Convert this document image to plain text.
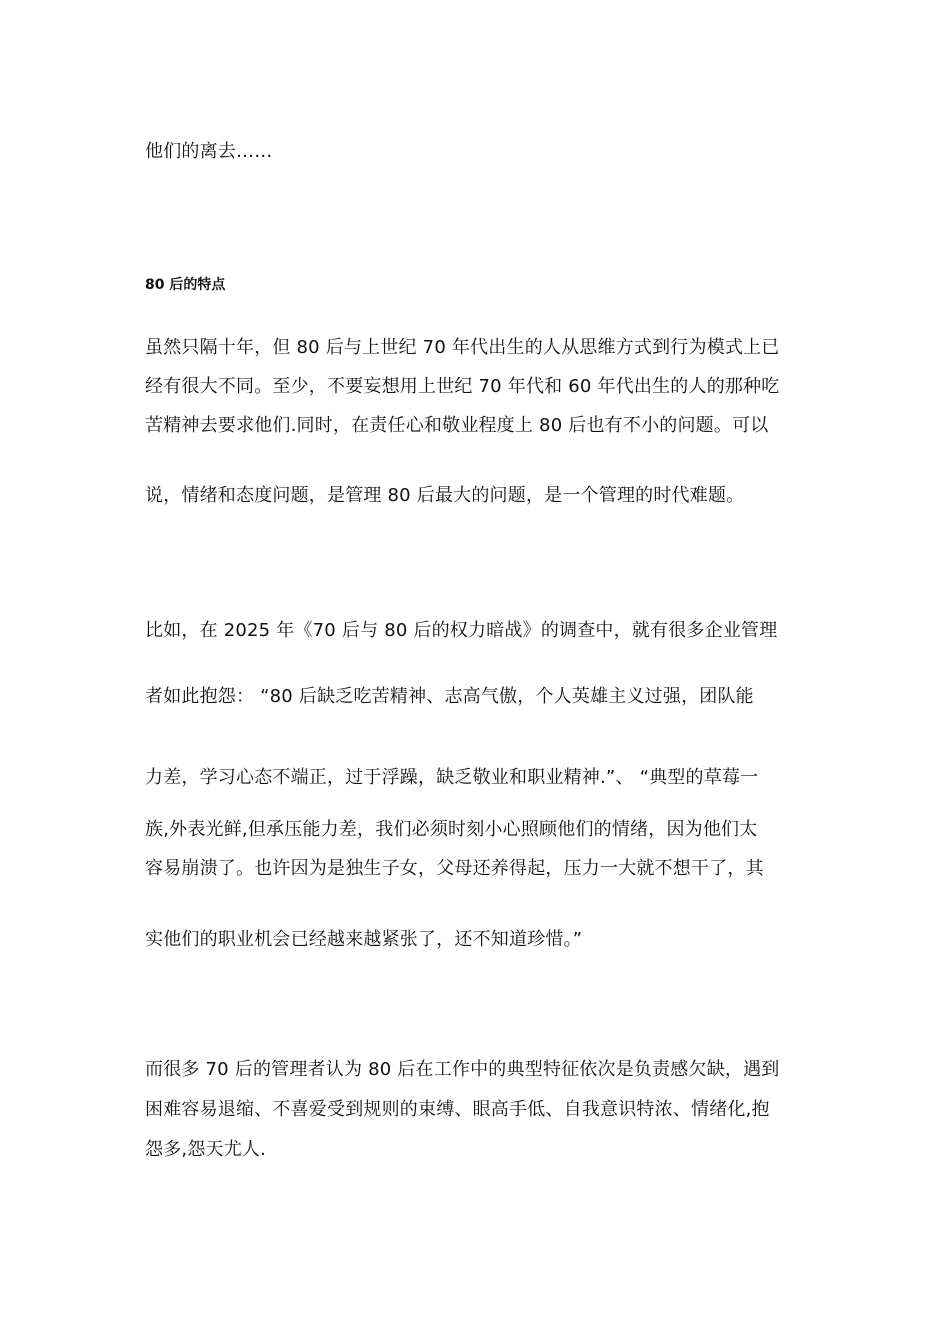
他们的离去……
80 后的特点
虽然只隔十年，但 80 后与上世纪 70 年代出生的人从思维方式到行为模式上已
经有很大不同。至少，不要妄想用上世纪 70 年代和 60 年代出生的人的那种吃
苦精神去要求他们.同时，在责任心和敬业程度上 80 后也有不小的问题。可以
说，情绪和态度问题，是管理 80 后最大的问题，是一个管理的时代难题。
比如，在 2025 年《70 后与 80 后的权力暗战》的调查中，就有很多企业管理
者如此抱怨： “80 后缺乏吃苦精神、志高气傲，个人英雄主义过强，团队能
力差，学习心态不端正，过于浮躁，缺乏敬业和职业精神.”、 “典型的草莓一
族,外表光鲜,但承压能力差，我们必须时刻小心照顾他们的情绪，因为他们太
容易崩溃了。也许因为是独生子女，父母还养得起，压力一大就不想干了，其
实他们的职业机会已经越来越紧张了，还不知道珍惜。”
而很多 70 后的管理者认为 80 后在工作中的典型特征依次是负责感欠缺，遇到
困难容易退缩、不喜爱受到规则的束缚、眼高手低、自我意识特浓、情绪化,抱
怨多,怨天尤人.
